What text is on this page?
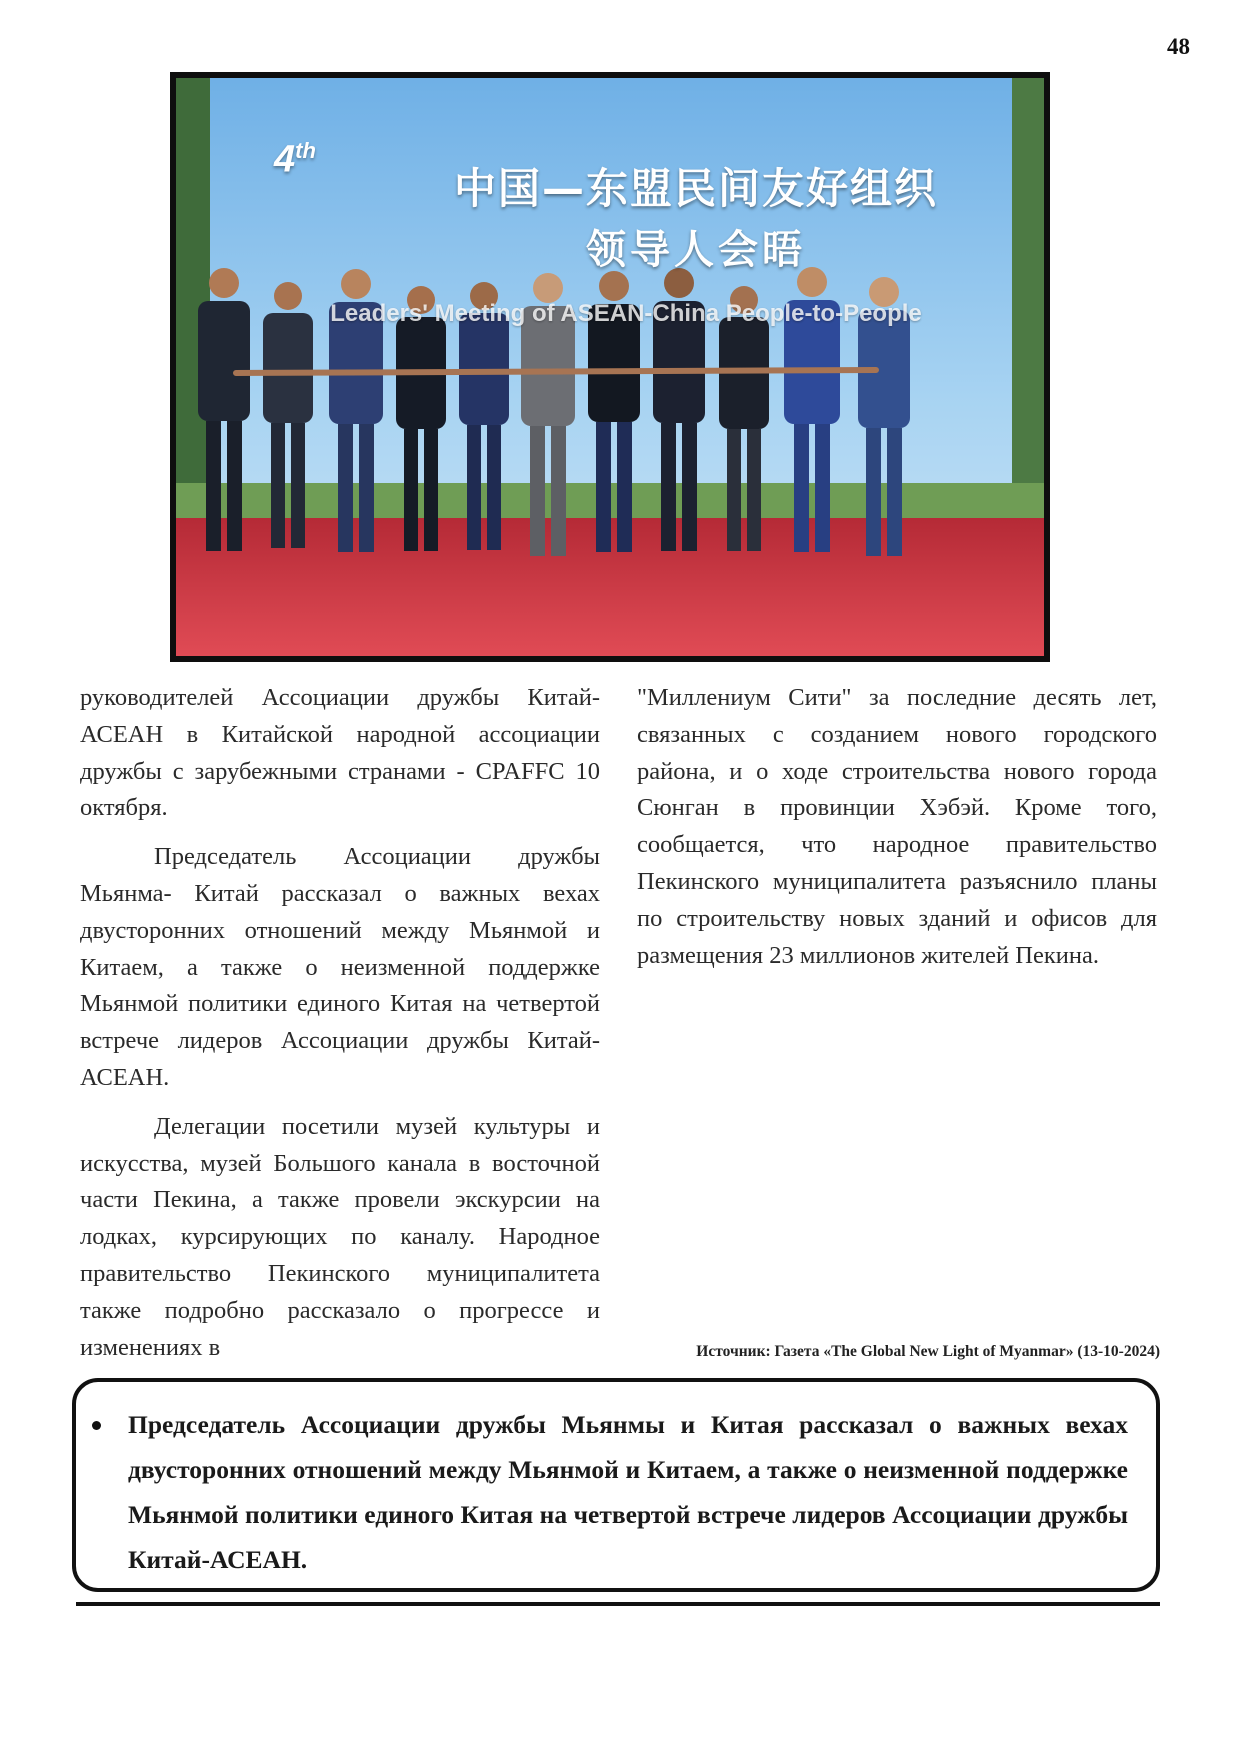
48
4th
中国—东盟民间友好组织
领导人会晤
Leaders' Meeting of ASEAN-China People-to-People

руководителей Ассоциации дружбы Китай-АСЕАН в Китайской народной ассоциации дружбы с зарубежными странами - CPAFFC 10 октября.

Председатель Ассоциации дружбы Мьянма- Китай рассказал о важных вехах двусторонних отношений между Мьянмой и Китаем, а также о неизменной поддержке Мьянмой политики единого Китая на четвертой встрече лидеров Ассоциации дружбы Китай-АСЕАН.

Делегации посетили музей культуры и искусства, музей Большого канала в восточной части Пекина, а также провели экскурсии на лодках, курсирующих по каналу. Народное правительство Пекинского муниципалитета также подробно рассказало о прогрессе и изменениях в

"Миллениум Сити" за последние десять лет, связанных с созданием нового городского района, и о ходе строительства нового города Сюнган в провинции Хэбэй. Кроме того, сообщается, что народное правительство Пекинского муниципалитета разъяснило планы по строительству новых зданий и офисов для размещения 23 миллионов жителей Пекина.

Источник: Газета «The Global New Light of Myanmar» (13-10-2024)
Председатель Ассоциации дружбы Мьянмы и Китая рассказал о важных вехах двусторонних отношений между Мьянмой и Китаем, а также о неизменной поддержке Мьянмой политики единого Китая на четвертой встрече лидеров Ассоциации дружбы Китай-АСЕАН.
